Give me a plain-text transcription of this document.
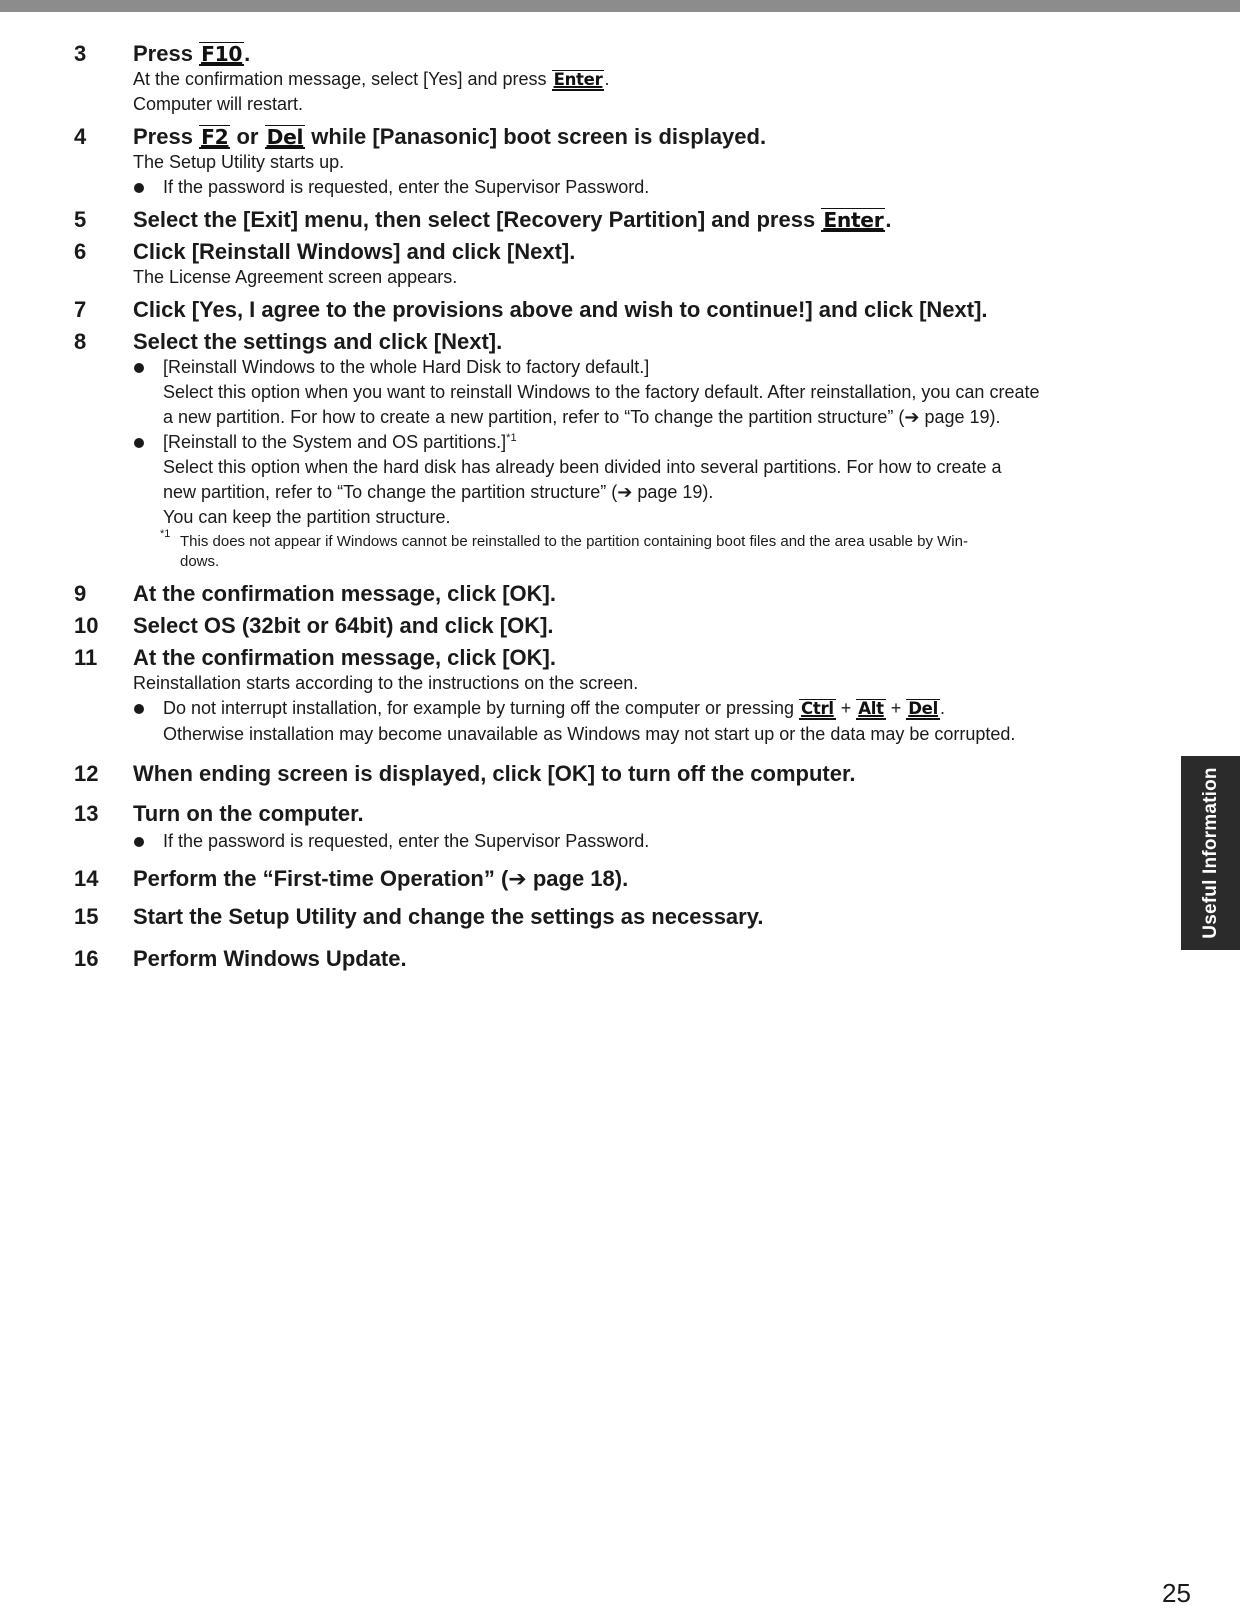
3 Press F10.
At the confirmation message, select [Yes] and press Enter .
Computer will restart.
4 Press F2 or Del while [Panasonic] boot screen is displayed.
The Setup Utility starts up.
If the password is requested, enter the Supervisor Password.
5 Select the [Exit] menu, then select [Recovery Partition] and press Enter.
6 Click [Reinstall Windows] and click [Next].
The License Agreement screen appears.
7 Click [Yes, I agree to the provisions above and wish to continue!] and click [Next].
8 Select the settings and click [Next].
[Reinstall Windows to the whole Hard Disk to factory default.]
Select this option when you want to reinstall Windows to the factory default. After reinstallation, you can create
a new partition. For how to create a new partition, refer to “To change the partition structure” (➔ page 19).
[Reinstall to the System and OS partitions.]$^{*1}$
Select this option when the hard disk has already been divided into several partitions. For how to create a
new partition, refer to “To change the partition structure” (➔ page 19).
You can keep the partition structure.
*1 This does not appear if Windows cannot be reinstalled to the partition containing boot files and the area usable by Win-
dows.
9 At the confirmation message, click [OK].
10 Select OS (32bit or 64bit) and click [OK].
11 At the confirmation message, click [OK].
Reinstallation starts according to the instructions on the screen.
Do not interrupt installation, for example by turning off the computer or pressing Ctrl + Alt + Del .
Otherwise installation may become unavailable as Windows may not start up or the data may be corrupted.
12 When ending screen is displayed, click [OK] to turn off the computer.
13 Turn on the computer.
If the password is requested, enter the Supervisor Password.
14 Perform the “First-time Operation” (➔ page 18).
15 Start the Setup Utility and change the settings as necessary.
16 Perform Windows Update.
Useful Information
25
